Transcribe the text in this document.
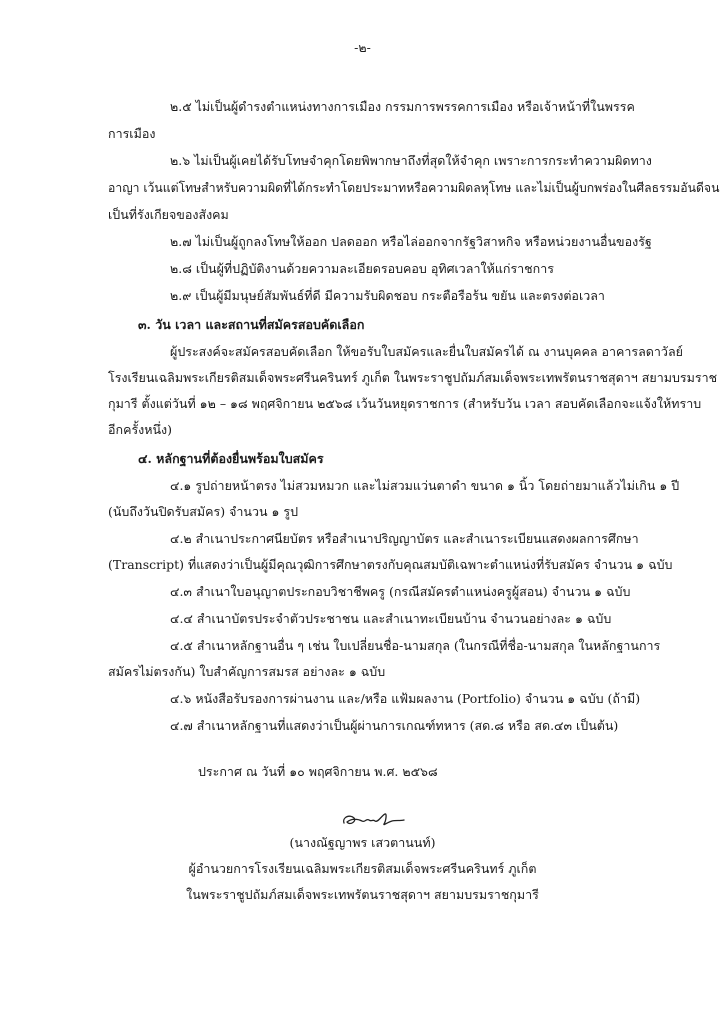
-๒-
๒.๕ ไม่เป็นผู้ดำรงตำแหน่งทางการเมือง กรรมการพรรคการเมือง หรือเจ้าหน้าที่ในพรรค
การเมือง
๒.๖ ไม่เป็นผู้เคยได้รับโทษจำคุกโดยพิพากษาถึงที่สุดให้จำคุก เพราะการกระทำความผิดทาง
อาญา เว้นแต่โทษสำหรับความผิดที่ได้กระทำโดยประมาทหรือความผิดลหุโทษ และไม่เป็นผู้บกพร่องในศีลธรรมอันดีจน
เป็นที่รังเกียจของสังคม
๒.๗ ไม่เป็นผู้ถูกลงโทษให้ออก ปลดออก หรือไล่ออกจากรัฐวิสาหกิจ หรือหน่วยงานอื่นของรัฐ
๒.๘ เป็นผู้ที่ปฏิบัติงานด้วยความละเอียดรอบคอบ อุทิศเวลาให้แก่ราชการ
๒.๙ เป็นผู้มีมนุษย์สัมพันธ์ที่ดี มีความรับผิดชอบ กระตือรือร้น ขยัน และตรงต่อเวลา
๓. วัน เวลา และสถานที่สมัครสอบคัดเลือก
ผู้ประสงค์จะสมัครสอบคัดเลือก ให้ขอรับใบสมัครและยื่นใบสมัครได้ ณ งานบุคคล อาคารลดาวัลย์
โรงเรียนเฉลิมพระเกียรติสมเด็จพระศรีนครินทร์ ภูเก็ต ในพระราชูปถัมภ์สมเด็จพระเทพรัตนราชสุดาฯ สยามบรมราช
กุมารี ตั้งแต่วันที่ ๑๒ – ๑๘ พฤศจิกายน ๒๕๖๘ เว้นวันหยุดราชการ (สำหรับวัน เวลา สอบคัดเลือกจะแจ้งให้ทราบ
อีกครั้งหนึ่ง)
๔. หลักฐานที่ต้องยื่นพร้อมใบสมัคร
๔.๑ รูปถ่ายหน้าตรง ไม่สวมหมวก และไม่สวมแว่นตาดำ ขนาด ๑ นิ้ว โดยถ่ายมาแล้วไม่เกิน ๑ ปี
(นับถึงวันปิดรับสมัคร) จำนวน ๑ รูป
๔.๒ สำเนาประกาศนียบัตร หรือสำเนาปริญญาบัตร และสำเนาระเบียนแสดงผลการศึกษา
(Transcript) ที่แสดงว่าเป็นผู้มีคุณวุฒิการศึกษาตรงกับคุณสมบัติเฉพาะตำแหน่งที่รับสมัคร จำนวน ๑ ฉบับ
๔.๓ สำเนาใบอนุญาตประกอบวิชาชีพครู (กรณีสมัครตำแหน่งครูผู้สอน) จำนวน ๑ ฉบับ
๔.๔ สำเนาบัตรประจำตัวประชาชน และสำเนาทะเบียนบ้าน จำนวนอย่างละ ๑ ฉบับ
๔.๕ สำเนาหลักฐานอื่น ๆ เช่น ใบเปลี่ยนชื่อ-นามสกุล (ในกรณีที่ชื่อ-นามสกุล ในหลักฐานการ
สมัครไม่ตรงกัน) ใบสำคัญการสมรส อย่างละ ๑ ฉบับ
๔.๖ หนังสือรับรองการผ่านงาน และ/หรือ แฟ้มผลงาน (Portfolio) จำนวน ๑ ฉบับ (ถ้ามี)
๔.๗ สำเนาหลักฐานที่แสดงว่าเป็นผู้ผ่านการเกณฑ์ทหาร (สด.๘ หรือ สด.๔๓ เป็นต้น)
ประกาศ ณ วันที่ ๑๐ พฤศจิกายน พ.ศ. ๒๕๖๘
(นางณัฐญาพร เสวตานนท์)
ผู้อำนวยการโรงเรียนเฉลิมพระเกียรติสมเด็จพระศรีนครินทร์ ภูเก็ต
ในพระราชูปถัมภ์สมเด็จพระเทพรัตนราชสุดาฯ สยามบรมราชกุมารี
